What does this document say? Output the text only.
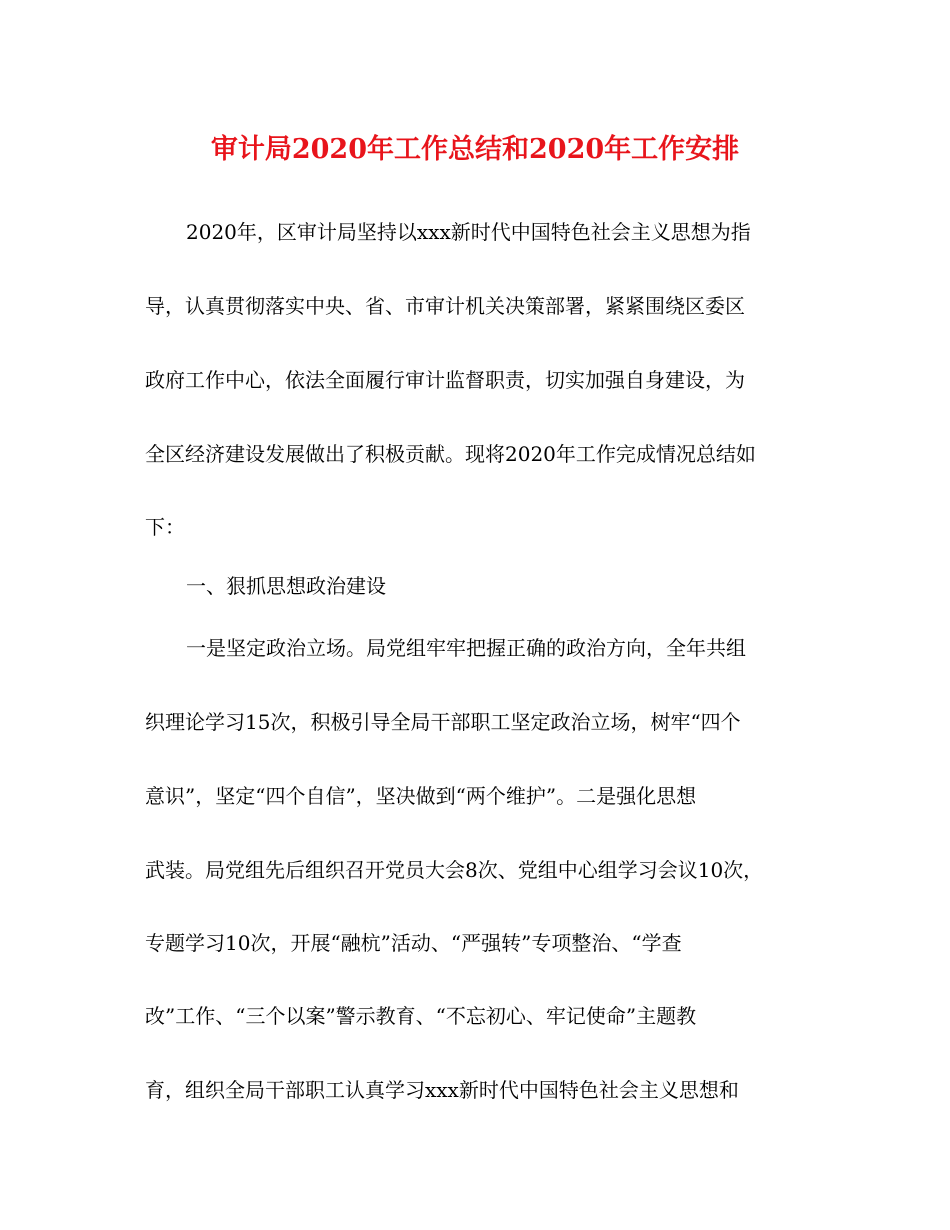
审计局2020年工作总结和2020年工作安排
2020年，区审计局坚持以xxx新时代中国特色社会主义思想为指
导，认真贯彻落实中央、省、市审计机关决策部署，紧紧围绕区委区
政府工作中心，依法全面履行审计监督职责，切实加强自身建设，为
全区经济建设发展做出了积极贡献。现将2020年工作完成情况总结如
下：
一、狠抓思想政治建设
一是坚定政治立场。局党组牢牢把握正确的政治方向，全年共组
织理论学习15次，积极引导全局干部职工坚定政治立场，树牢“四个
意识”，坚定“四个自信”，坚决做到“两个维护”。二是强化思想
武装。局党组先后组织召开党员大会8次、党组中心组学习会议10次，
专题学习10次，开展“融杭”活动、“严强转”专项整治、“学查
改”工作、“三个以案”警示教育、“不忘初心、牢记使命”主题教
育，组织全局干部职工认真学习xxx新时代中国特色社会主义思想和
